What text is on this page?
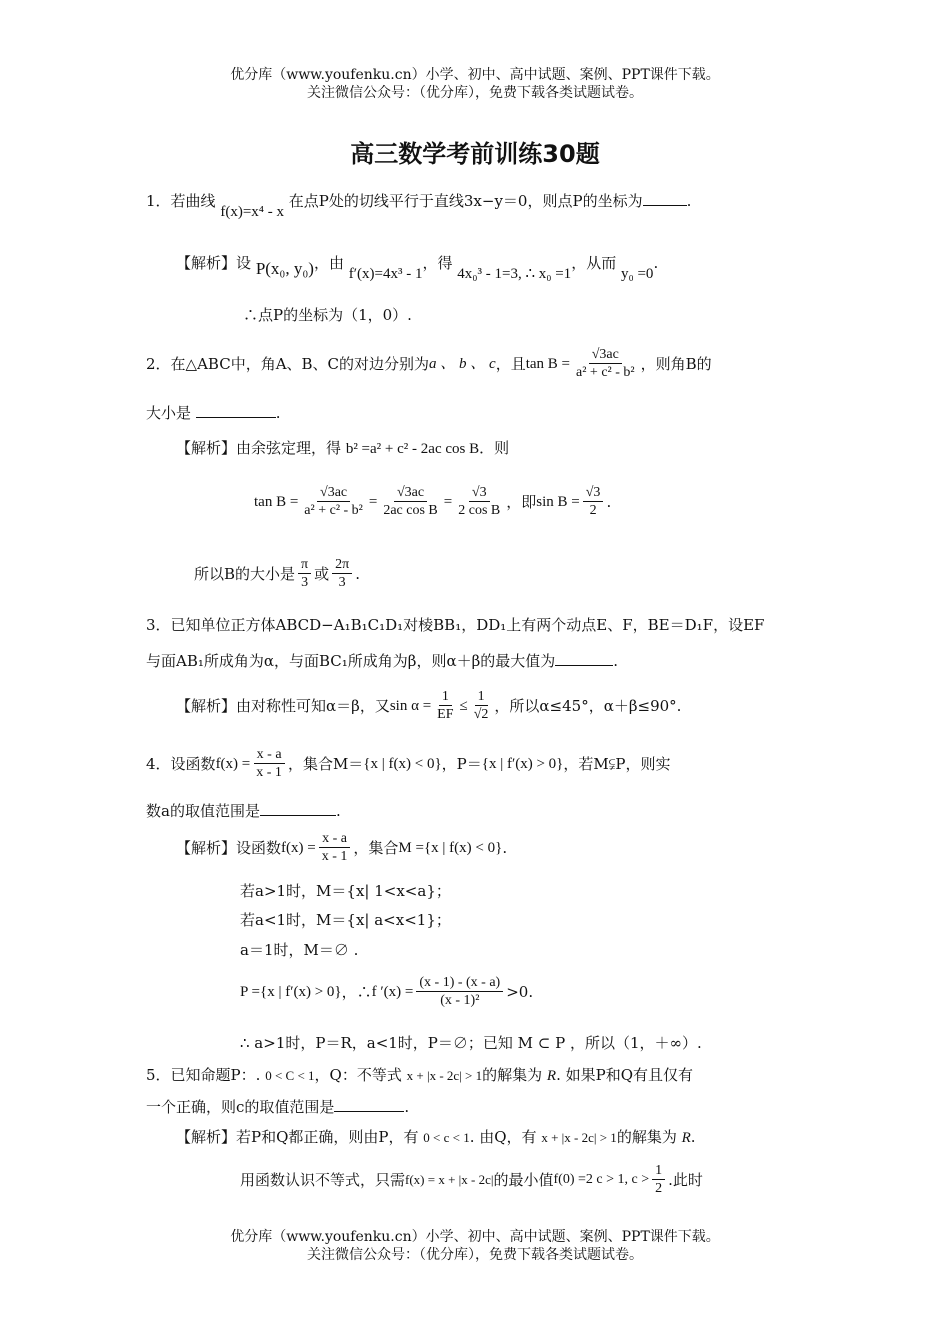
优分库（www.youfenku.cn）小学、初中、高中试题、案例、PPT课件下载。
关注微信公众号：（优分库），免费下载各类试题试卷。
高三数学考前训练30题
1．若曲线 f(x)=x⁴ - x 在点P处的切线平行于直线3x−y＝0，则点P的坐标为	.
【解析】设 P(x₀, y₀)，由 f′(x)=4x³ - 1，得 4x₀³ - 1=3, ∴ x₀ =1，从而 y₀ =0.
∴点P的坐标为（1，0）.
2． 在△ABC中，角A、B、C的对边分别为 a 、 b 、 c ，且 $\tan B = \frac{√3ac}{\text{a² + c² - b²}}$ ，则角B的
大小是	.
【解析】由余弦定理，得 b² =a² + c² - 2ac cos B．则
$\tan B = \frac{√3ac}{\text{a² + c² - b²}} = \frac{√3ac}{\text{2ac cos B}} = \frac{√3}{\text{2 cos B}}$ ，即 $\sin B = \frac{√3}{2}$ .
所以B的大小是 $\frac{\pi}{3}$ 或 $\frac{2\pi}{3}$ .
3．已知单位正方体ABCD−A₁B₁C₁D₁对棱BB₁，DD₁上有两个动点E、F，BE＝D₁F，设EF
与面AB₁所成角为α，与面BC₁所成角为β，则α＋β的最大值为	.
【解析】 由对称性可知α＝β，又 $\sin \alpha = \frac{1}{EF} \le \frac{1}{√2}$ ，所以α≤45°，α＋β≤90°.
4． 设函数 $f(x) = \frac{x - a}{x - 1}$ ，集合M＝ {x | f(x) < 0} ，P＝ {x | f′(x) > 0} ，若M⫋P，则实
数a的取值范围是	.
【解析】 设函数 $f(x) = \frac{x - a}{x - 1}$ ，集合 M ={x | f(x) < 0} .
若a>1时，M＝{x| 1<x<a}；
若a<1时，M＝{x| a<x<1}；
a＝1时，M＝∅ .
P ={x | f′(x) > 0} ，∴ f $'(x) = \frac{(x - 1) - (x - a)}{\text{(x - 1)²}} >0$.
∴ a>1时，P＝R，a<1时，P＝∅；已知 M ⊂ P ，所以（1，＋∞）.
5．已知命题P：. 0 < C < 1，Q：不等式 x + |x - 2c| > 1的解集为 R. 如果P和Q有且仅有
一个正确，则c的取值范围是	.
【解析】若P和Q都正确，则由P，有 0 < c < 1. 由Q，有 x + |x - 2c| > 1的解集为 R.
用函数认识不等式，只需 f(x) = x + |x - 2c| 的最小值 f(0) =2 c > 1, $c > \frac{1}{2}$ .此时
优分库（www.youfenku.cn）小学、初中、高中试题、案例、PPT课件下载。
关注微信公众号：（优分库），免费下载各类试题试卷。
